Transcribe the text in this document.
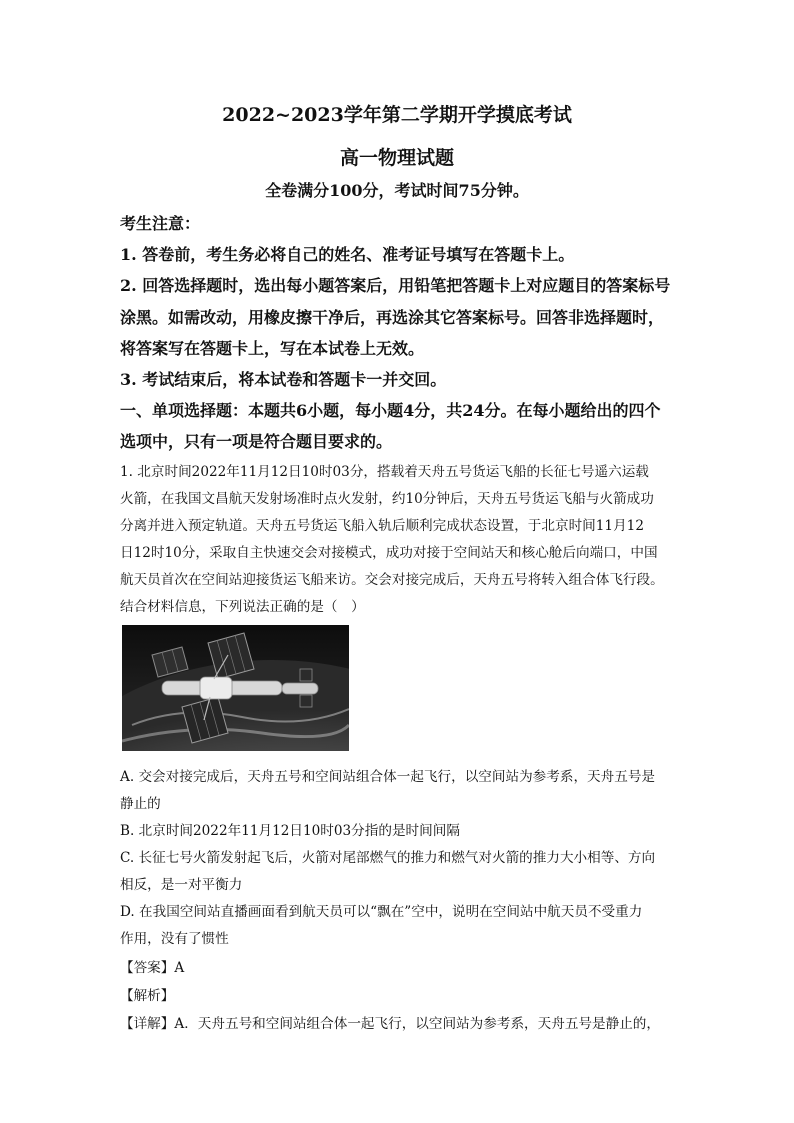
2022~2023学年第二学期开学摸底考试
高一物理试题
全卷满分100分，考试时间75分钟。
考生注意：
1. 答卷前，考生务必将自己的姓名、准考证号填写在答题卡上。
2. 回答选择题时，选出每小题答案后，用铅笔把答题卡上对应题目的答案标号
涂黑。如需改动，用橡皮擦干净后，再选涂其它答案标号。回答非选择题时，
将答案写在答题卡上，写在本试卷上无效。
3. 考试结束后，将本试卷和答题卡一并交回。
一、单项选择题：本题共6小题，每小题4分，共24分。在每小题给出的四个
选项中，只有一项是符合题目要求的。
1. 北京时间2022年11月12日10时03分，搭载着天舟五号货运飞船的长征七号遥六运载
火箭，在我国文昌航天发射场准时点火发射，约10分钟后，天舟五号货运飞船与火箭成功
分离并进入预定轨道。天舟五号货运飞船入轨后顺利完成状态设置，于北京时间11月12
日12时10分，采取自主快速交会对接模式，成功对接于空间站天和核心舱后向端口，中国
航天员首次在空间站迎接货运飞船来访。交会对接完成后，天舟五号将转入组合体飞行段。
结合材料信息，下列说法正确的是（　）
A. 交会对接完成后，天舟五号和空间站组合体一起飞行，以空间站为参考系，天舟五号是
静止的
B. 北京时间2022年11月12日10时03分指的是时间间隔
C. 长征七号火箭发射起飞后，火箭对尾部燃气的推力和燃气对火箭的推力大小相等、方向
相反，是一对平衡力
D. 在我国空间站直播画面看到航天员可以“飘在”空中，说明在空间站中航天员不受重力
作用，没有了惯性
【答案】A
【解析】
【详解】A．天舟五号和空间站组合体一起飞行，以空间站为参考系，天舟五号是静止的，
